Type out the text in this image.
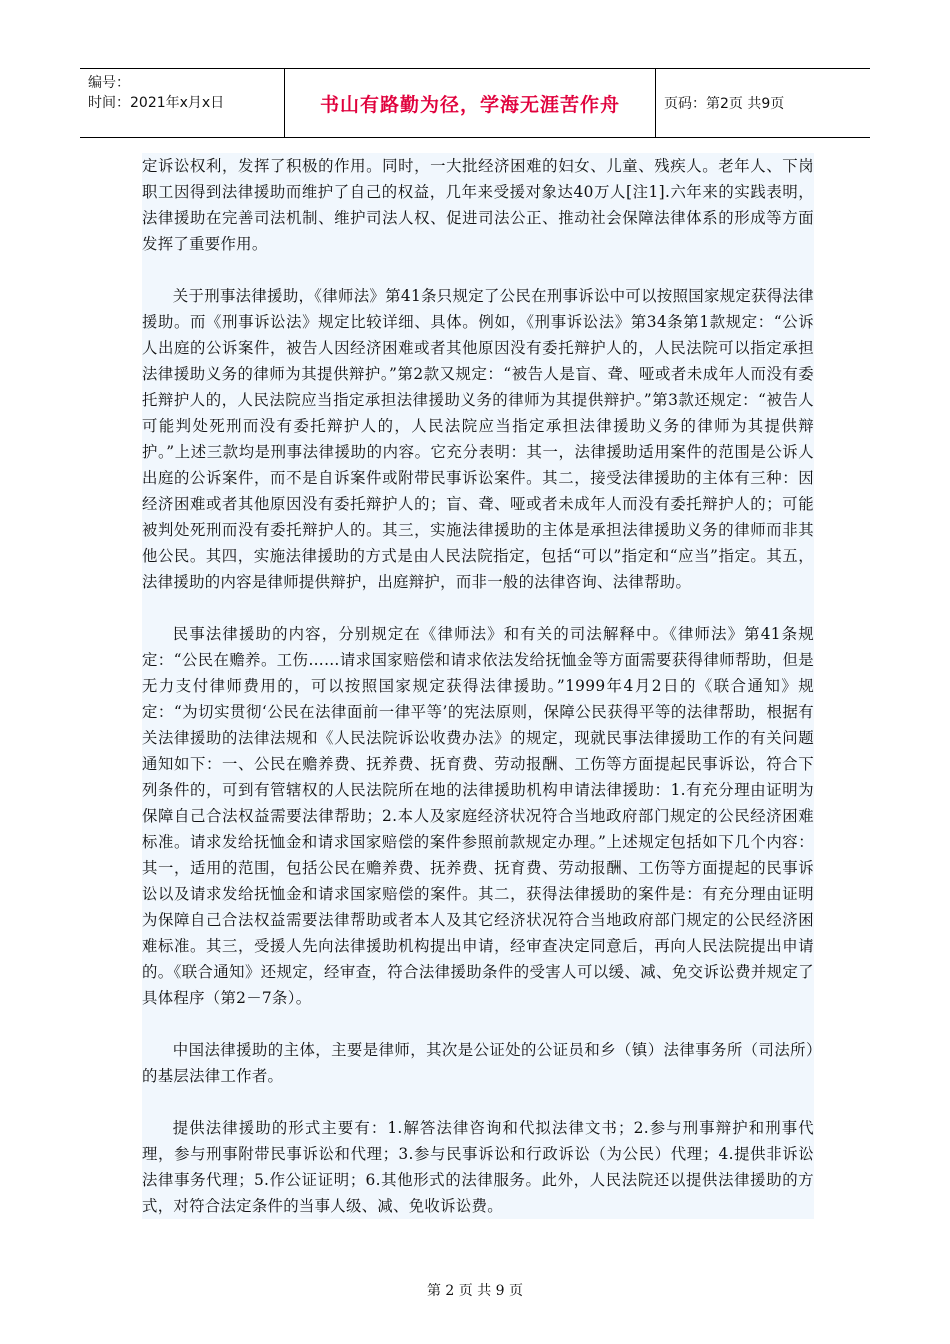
编号：
时间：2021年x月x日	书山有路勤为径，学海无涯苦作舟	页码：第2页 共9页

定诉讼权利，发挥了积极的作用。同时，一大批经济困难的妇女、儿童、残疾人。老年人、下岗职工因得到法律援助而维护了自己的权益，几年来受援对象达40万人[注1].六年来的实践表明，法律援助在完善司法机制、维护司法人权、促进司法公正、推动社会保障法律体系的形成等方面发挥了重要作用。

关于刑事法律援助，《律师法》第41条只规定了公民在刑事诉讼中可以按照国家规定获得法律援助。而《刑事诉讼法》规定比较详细、具体。例如，《刑事诉讼法》第34条第1款规定：“公诉人出庭的公诉案件，被告人因经济困难或者其他原因没有委托辩护人的，人民法院可以指定承担法律援助义务的律师为其提供辩护。”第2款又规定：“被告人是盲、聋、哑或者未成年人而没有委托辩护人的，人民法院应当指定承担法律援助义务的律师为其提供辩护。”第3款还规定：“被告人可能判处死刑而没有委托辩护人的，人民法院应当指定承担法律援助义务的律师为其提供辩护。”上述三款均是刑事法律援助的内容。它充分表明：其一，法律援助适用案件的范围是公诉人出庭的公诉案件，而不是自诉案件或附带民事诉讼案件。其二，接受法律援助的主体有三种：因经济困难或者其他原因没有委托辩护人的；盲、聋、哑或者未成年人而没有委托辩护人的；可能被判处死刑而没有委托辩护人的。其三，实施法律援助的主体是承担法律援助义务的律师而非其他公民。其四，实施法律援助的方式是由人民法院指定，包括“可以”指定和“应当”指定。其五，法律援助的内容是律师提供辩护，出庭辩护，而非一般的法律咨询、法律帮助。

民事法律援助的内容，分别规定在《律师法》和有关的司法解释中。《律师法》第41条规定：“公民在赡养。工伤……请求国家赔偿和请求依法发给抚恤金等方面需要获得律师帮助，但是无力支付律师费用的，可以按照国家规定获得法律援助。”1999年4月2日的《联合通知》规定：“为切实贯彻‘公民在法律面前一律平等’的宪法原则，保障公民获得平等的法律帮助，根据有关法律援助的法律法规和《人民法院诉讼收费办法》的规定，现就民事法律援助工作的有关问题通知如下：一、公民在赡养费、抚养费、抚育费、劳动报酬、工伤等方面提起民事诉讼，符合下列条件的，可到有管辖权的人民法院所在地的法律援助机构申请法律援助：1.有充分理由证明为保障自己合法权益需要法律帮助；2.本人及家庭经济状况符合当地政府部门规定的公民经济困难标准。请求发给抚恤金和请求国家赔偿的案件参照前款规定办理。”上述规定包括如下几个内容：其一，适用的范围，包括公民在赡养费、抚养费、抚育费、劳动报酬、工伤等方面提起的民事诉讼以及请求发给抚恤金和请求国家赔偿的案件。其二，获得法律援助的案件是：有充分理由证明为保障自己合法权益需要法律帮助或者本人及其它经济状况符合当地政府部门规定的公民经济困难标准。其三，受援人先向法律援助机构提出申请，经审查决定同意后，再向人民法院提出申请的。《联合通知》还规定，经审查，符合法律援助条件的受害人可以缓、减、免交诉讼费并规定了具体程序（第2－7条）。

中国法律援助的主体，主要是律师，其次是公证处的公证员和乡（镇）法律事务所（司法所）的基层法律工作者。

提供法律援助的形式主要有：1.解答法律咨询和代拟法律文书；2.参与刑事辩护和刑事代理，参与刑事附带民事诉讼和代理；3.参与民事诉讼和行政诉讼（为公民）代理；4.提供非诉讼法律事务代理；5.作公证证明；6.其他形式的法律服务。此外，人民法院还以提供法律援助的方式，对符合法定条件的当事人级、减、免收诉讼费。

第 2 页 共 9 页
